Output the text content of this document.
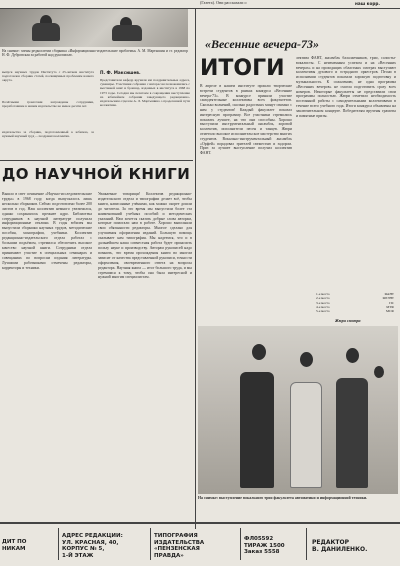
(Газета). Они рассказали о	наш корр.
На снимке: члены редколлегии сборника «Информационно-издательские проблемы» А. М. Мартышин и ст. редактор Н. Ф. Дубровская за работой над рукописью.
выпуск научных трудов Института с 25-летием института подготовлен сборник статей, посвящённых проблемам нашего округа.
Почётными грамотами награждены сотрудники, проработавшие в нашем издательстве не менее десяти лет.
издательства за сборник, подготовленный к юбилею, за нужный научный труд ... поздравил коллектив.
П. Ф. Максишев.
Представители кафедр вручили им поздравительные адреса, сувениры. Участники собрания с интересом познакомились с выставкой книг и брошюр, изданных в институте в 1968 по 1973 годы. Сегодня мы печатаем в сокращении выступление на юбилейном собрании заведующего редакционно-издательским отделом А. Л. Мартышина о проделанной пути коллектива.
ДО НАУЧНОЙ КНИГИ
Вышло в свет сочинение «Научно-исследовательские труды» в 1968 году, когда выпускалось лишь несколько сборников. Сейчас подготовлено более 200 листов в год. Наш коллектив немного увеличился, однако сохранилось прежнее ядро. Библиотека сотрудников в научной литературе получила информационные отклики. В годы юбилея мы выпустили сборники научных трудов, методические пособия, монографии, учебники. Коллектив редакционно-издательского отдела работал с большим подъёмом, стремился обеспечить высокое качество научной книги. Сотрудники отдела принимают участие в специальных семинарах и совещаниях по вопросам издания литературы. Лучшими работниками отмечены редакторы, корректоры и техники.
Уважаемые товарищи! Коллектив редакционно-издательского отдела и типографии делает всё, чтобы книги, написанные учёными, как можно скорее дошли до читателя. За это время мы выпустили более ста наименований учебных пособий и методических указаний. Нам хочется сказать добрые слова авторам, которые помогали нам в работе. Хорошо выполняли свои обязанности редакторы. Многое сделано для улучшения оформления изданий. Большую помощь оказывает нам типография. Мы надеемся, что и в дальнейшем наша совместная работа будет приносить пользу науке и производству. Авторам рукописей надо помнить, что время прохождения книги во многом зависит от качества представленной рукописи, точности оформления, своевременного ответа на вопросы редактора. Научная книга — итог большого труда, и мы стремимся к тому, чтобы она была интересной и нужной многим специалистам.
«Весенние вечера-73»
ИТОГИ
В апреле в нашем институте прошли творческие встречи студентов в рамках конкурса «Весенние вечера-73». В конкурсе приняли участие самодеятельные коллективы всех факультетов. Сколько волнений, сколько радостных минут связано с ним у студентов! Каждый факультет показал интересную программу. Все участники стремились показать лучшее, на что они способны. Хорошо выступили инструментальный ансамбль, хоровой коллектив, исполнители песен и танцев. Жюри отметило высокое исполнительское мастерство многих студентов. Вокально-инструментальный ансамбль «Орфей» порадовал зрителей свежестью и задором. Приз за лучшее выступление получил коллектив ФАНТ.
лектива ФАНТ, ансамбль балалаечников, трио, солисты-вокалисты. С неизменным успехом и на «Весенних вечерах» и на проходящих областных смотрах выступают коллективы духового и эстрадного оркестров. Песни в исполнении студентов показали хорошую подготовку и музыкальность. К сожалению, не одна программа «Весенних вечеров» не смогла подготовить сразу всех номеров. Некоторые факультеты не представили свои программы полностью. Жюри отметило необходимость постоянной работы с самодеятельными коллективами в течение всего учебного года. Итоги конкурса объявлены на заключительном концерте. Победителям вручены грамоты и памятные призы.
1-е место	ФАНТ
2-е место	ФРЭНТ
3-е место	ПС
4-е место	МТФ
5-е место	МСФ
Жюри смотра
На снимке: выступление вокального трио факультета автоматики и информационной техники.
ДИТ ПО
НИКАМ
АДРЕС РЕДАКЦИИ:
УЛ. КРАСНАЯ, 40,
КОРПУС № 5,
1-Й ЭТАЖ
ТИПОГРАФИЯ
ИЗДАТЕЛЬСТВА
«ПЕНЗЕНСКАЯ
ПРАВДА»
ФЛ05592
ТИРАЖ 1500
Заказ 5558
РЕДАКТОР
В. ДАНИЛЕНКО.
